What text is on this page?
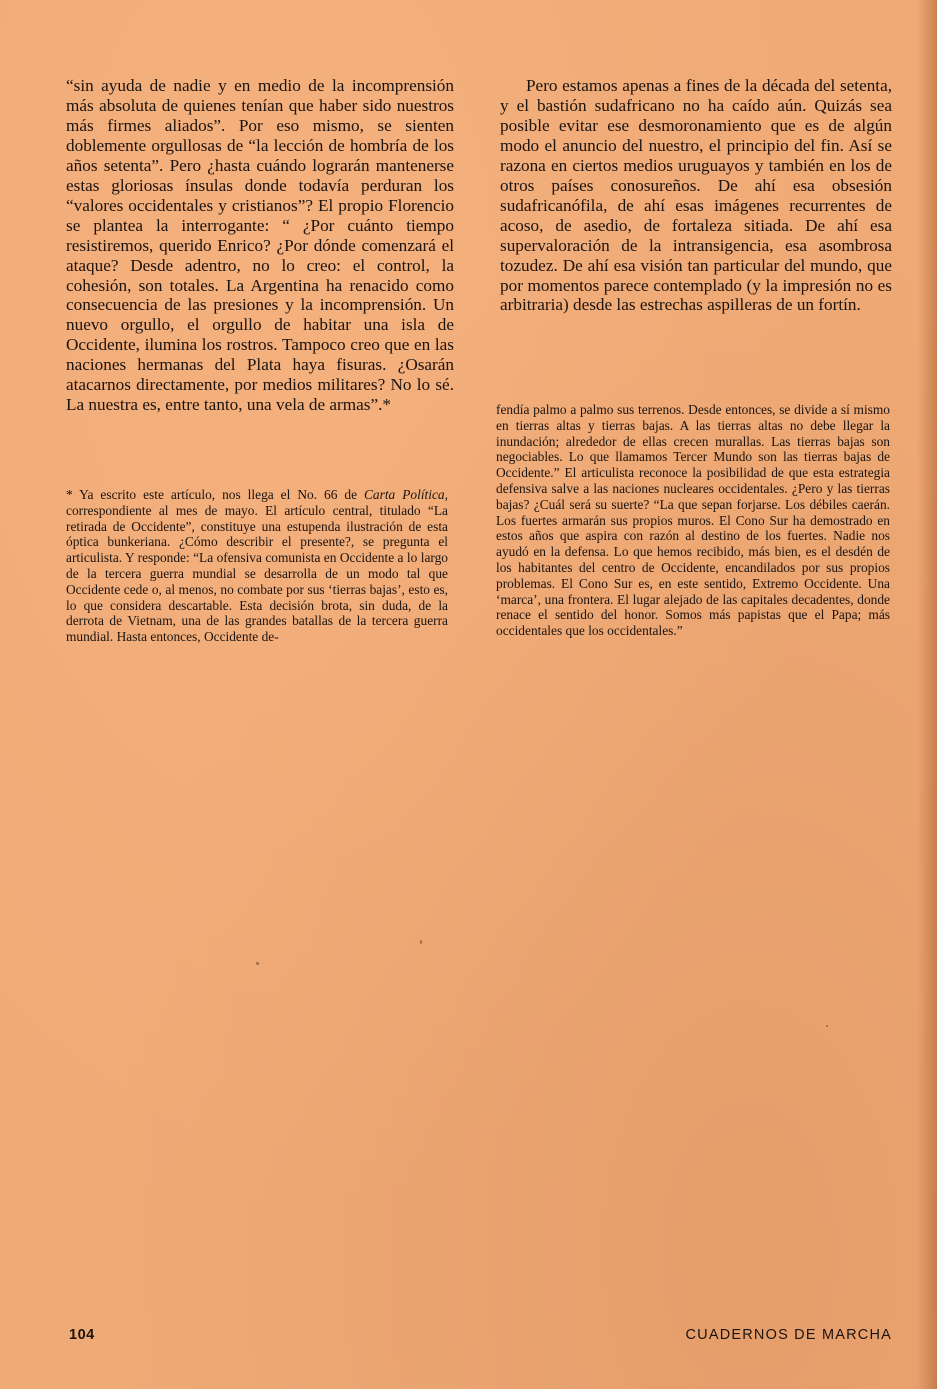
“sin ayuda de nadie y en medio de la incomprensión más absoluta de quienes tenían que haber sido nuestros más firmes aliados”. Por eso mismo, se sienten doblemente orgullosas de “la lección de hombría de los años setenta”. Pero ¿hasta cuándo lograrán mantenerse estas gloriosas ínsulas donde todavía perduran los “valores occidentales y cristianos”? El propio Florencio se plantea la interrogante: “ ¿Por cuánto tiempo resistiremos, querido Enrico? ¿Por dónde comenzará el ataque? Desde adentro, no lo creo: el control, la cohesión, son totales. La Argentina ha renacido como consecuencia de las presiones y la incomprensión. Un nuevo orgullo, el orgullo de habitar una isla de Occidente, ilumina los rostros. Tampoco creo que en las naciones hermanas del Plata haya fisuras. ¿Osarán atacarnos directamente, por medios militares? No lo sé. La nuestra es, entre tanto, una vela de armas”.*

* Ya escrito este artículo, nos llega el No. 66 de Carta Política, correspondiente al mes de mayo. El artículo central, titulado “La retirada de Occidente”, constituye una estupenda ilustración de esta óptica bunkeriana. ¿Cómo describir el presente?, se pregunta el articulista. Y responde: “La ofensiva comunista en Occidente a lo largo de la tercera guerra mundial se desarrolla de un modo tal que Occidente cede o, al menos, no combate por sus ‘tierras bajas’, esto es, lo que considera descartable. Esta decisión brota, sin duda, de la derrota de Vietnam, una de las grandes batallas de la tercera guerra mundial. Hasta entonces, Occidente de-

Pero estamos apenas a fines de la década del setenta, y el bastión sudafricano no ha caído aún. Quizás sea posible evitar ese desmoronamiento que es de algún modo el anuncio del nuestro, el principio del fin. Así se razona en ciertos medios uruguayos y también en los de otros países conosureños. De ahí esa obsesión sudafricanófila, de ahí esas imágenes recurrentes de acoso, de asedio, de fortaleza sitiada. De ahí esa supervaloración de la intransigencia, esa asombrosa tozudez. De ahí esa visión tan particular del mundo, que por momentos parece contemplado (y la impresión no es arbitraria) desde las estrechas aspilleras de un fortín.

fendía palmo a palmo sus terrenos. Desde entonces, se divide a sí mismo en tierras altas y tierras bajas. A las tierras altas no debe llegar la inundación; alrededor de ellas crecen murallas. Las tierras bajas son negociables. Lo que llamamos Tercer Mundo son las tierras bajas de Occidente.” El articulista reconoce la posibilidad de que esta estrategia defensiva salve a las naciones nucleares occidentales. ¿Pero y las tierras bajas? ¿Cuál será su suerte? “La que sepan forjarse. Los débiles caerán. Los fuertes armarán sus propios muros. El Cono Sur ha demostrado en estos años que aspira con razón al destino de los fuertes. Nadie nos ayudó en la defensa. Lo que hemos recibido, más bien, es el desdén de los habitantes del centro de Occidente, encandilados por sus propios problemas. El Cono Sur es, en este sentido, Extremo Occidente. Una ‘marca’, una frontera. El lugar alejado de las capitales decadentes, donde renace el sentido del honor. Somos más papistas que el Papa; más occidentales que los occidentales.”

104	CUADERNOS DE MARCHA
